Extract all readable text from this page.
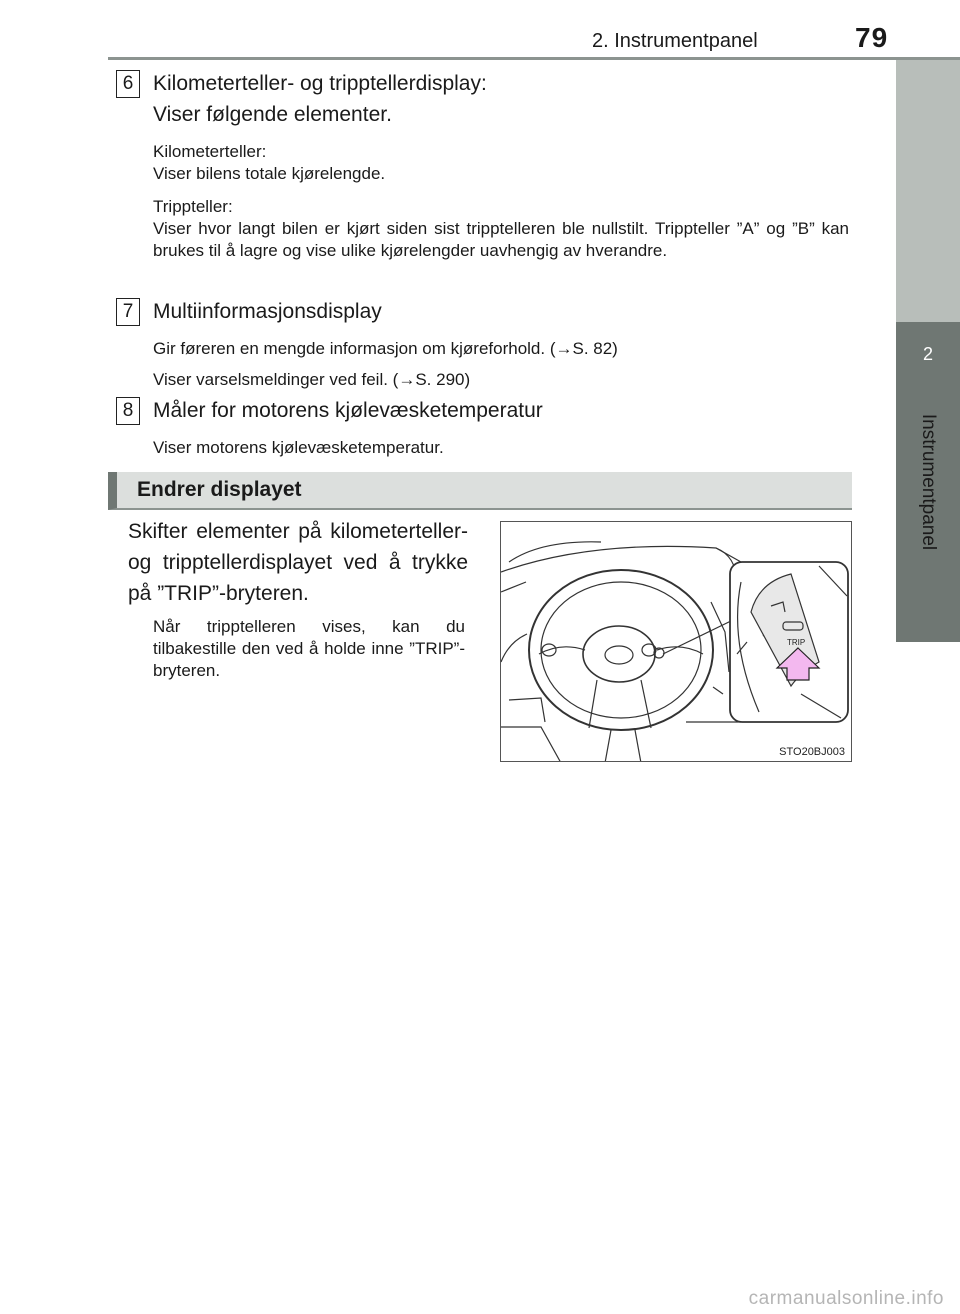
2. Instrumentpanel	79
2
Instrumentpanel
6 Kilometerteller- og tripptellerdisplay:
Viser følgende elementer.
Kilometerteller:
Viser bilens totale kjørelengde.
Trippteller:
Viser hvor langt bilen er kjørt siden sist tripptelleren ble nullstilt. Trippteller ”A” og ”B” kan brukes til å lagre og vise ulike kjørelengder uavhengig av hverandre.
7 Multiinformasjonsdisplay
Gir føreren en mengde informasjon om kjøreforhold. (→S. 82)
Viser varselsmeldinger ved feil. (→S. 290)
8 Måler for motorens kjølevæsketemperatur
Viser motorens kjølevæsketemperatur.
Endrer displayet
Skifter elementer på kilometerteller- og tripptellerdisplayet ved å trykke på ”TRIP”-bryteren.
Når tripptelleren vises, kan du tilbakestille den ved å holde inne ”TRIP”-bryteren.
TRIP
STO20BJ003
carmanualsonline.info
